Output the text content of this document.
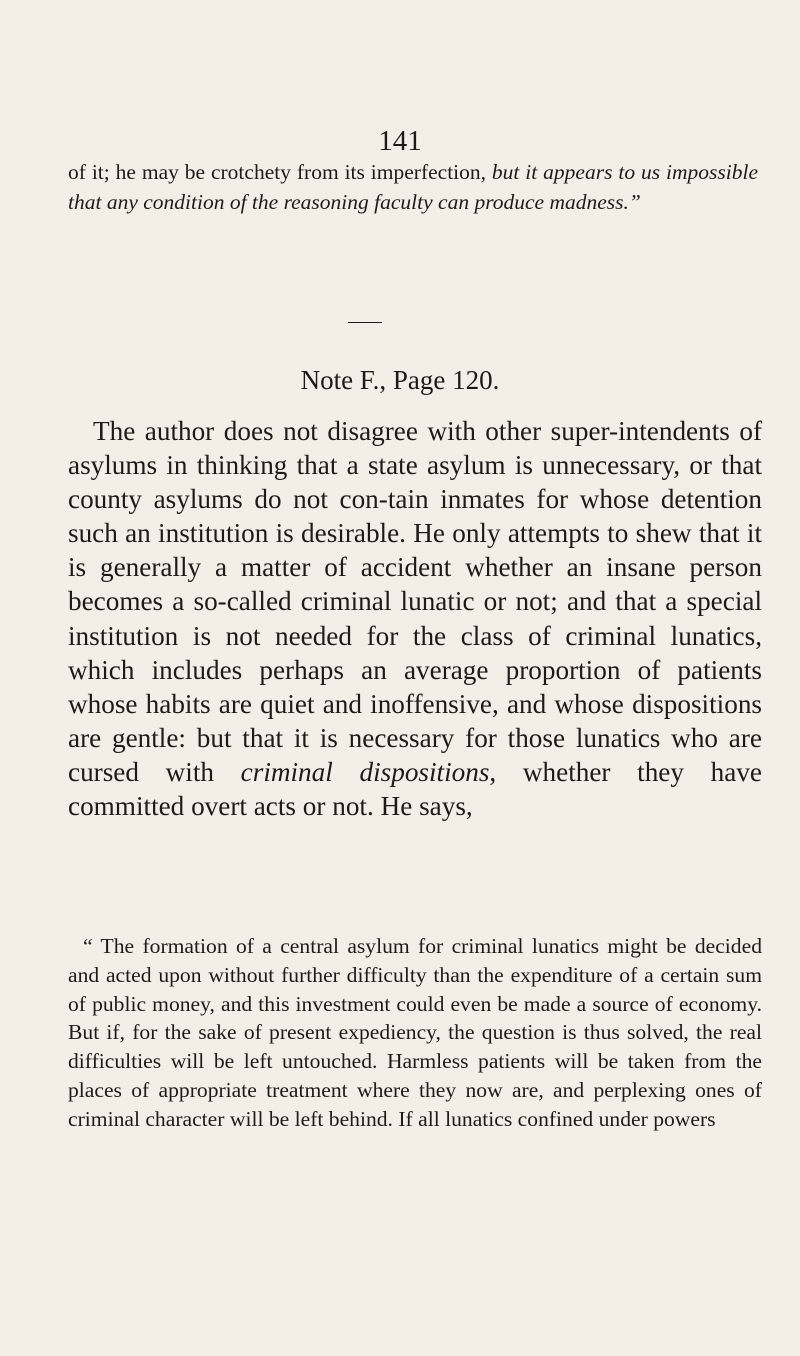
141
of it; he may be crotchety from its imperfection, but it appears to us impossible that any condition of the reasoning faculty can produce madness.”
Note F., Page 120.

The author does not disagree with other super-intendents of asylums in thinking that a state asylum is unnecessary, or that county asylums do not con-tain inmates for whose detention such an institution is desirable. He only attempts to shew that it is generally a matter of accident whether an insane person becomes a so-called criminal lunatic or not; and that a special institution is not needed for the class of criminal lunatics, which includes perhaps an average proportion of patients whose habits are quiet and inoffensive, and whose dispositions are gentle: but that it is necessary for those lunatics who are cursed with criminal dispositions, whether they have committed overt acts or not. He says,

“ The formation of a central asylum for criminal lunatics might be decided and acted upon without further difficulty than the expenditure of a certain sum of public money, and this investment could even be made a source of economy. But if, for the sake of present expediency, the question is thus solved, the real difficulties will be left untouched. Harmless patients will be taken from the places of appropriate treatment where they now are, and perplexing ones of criminal character will be left behind. If all lunatics confined under powers
